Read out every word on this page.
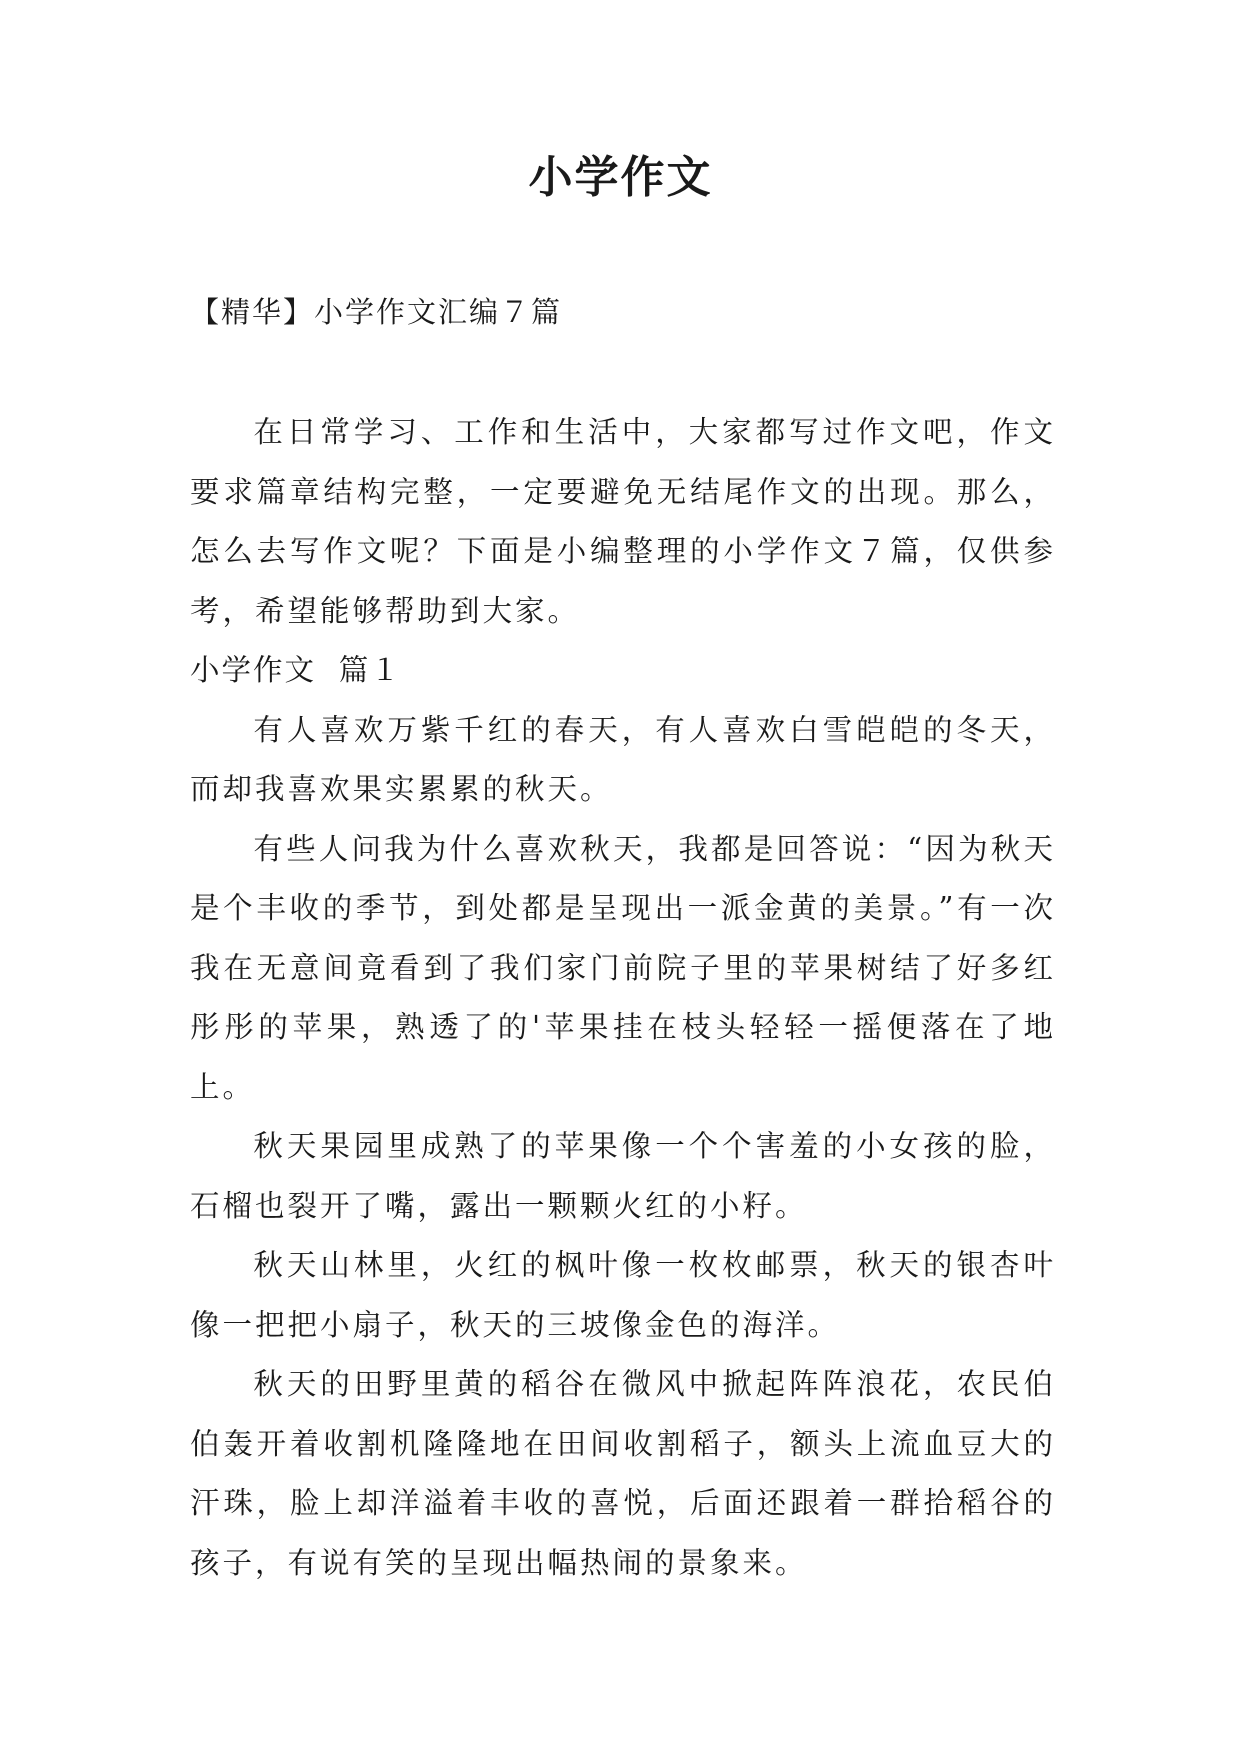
小学作文

【精华】小学作文汇编７篇

在日常学习、工作和生活中，大家都写过作文吧，作文要求篇章结构完整，一定要避免无结尾作文的出现。那么，怎么去写作文呢？下面是小编整理的小学作文７篇，仅供参考，希望能够帮助到大家。

小学作文  篇１

有人喜欢万紫千红的春天，有人喜欢白雪皑皑的冬天，而却我喜欢果实累累的秋天。

有些人问我为什么喜欢秋天，我都是回答说：“因为秋天是个丰收的季节，到处都是呈现出一派金黄的美景。”有一次我在无意间竟看到了我们家门前院子里的苹果树结了好多红彤彤的苹果，熟透了的'苹果挂在枝头轻轻一摇便落在了地上。

秋天果园里成熟了的苹果像一个个害羞的小女孩的脸，石榴也裂开了嘴，露出一颗颗火红的小籽。

秋天山林里，火红的枫叶像一枚枚邮票，秋天的银杏叶像一把把小扇子，秋天的三坡像金色的海洋。

秋天的田野里黄的稻谷在微风中掀起阵阵浪花，农民伯伯轰开着收割机隆隆地在田间收割稻子，额头上流血豆大的汗珠，脸上却洋溢着丰收的喜悦，后面还跟着一群拾稻谷的孩子，有说有笑的呈现出幅热闹的景象来。
